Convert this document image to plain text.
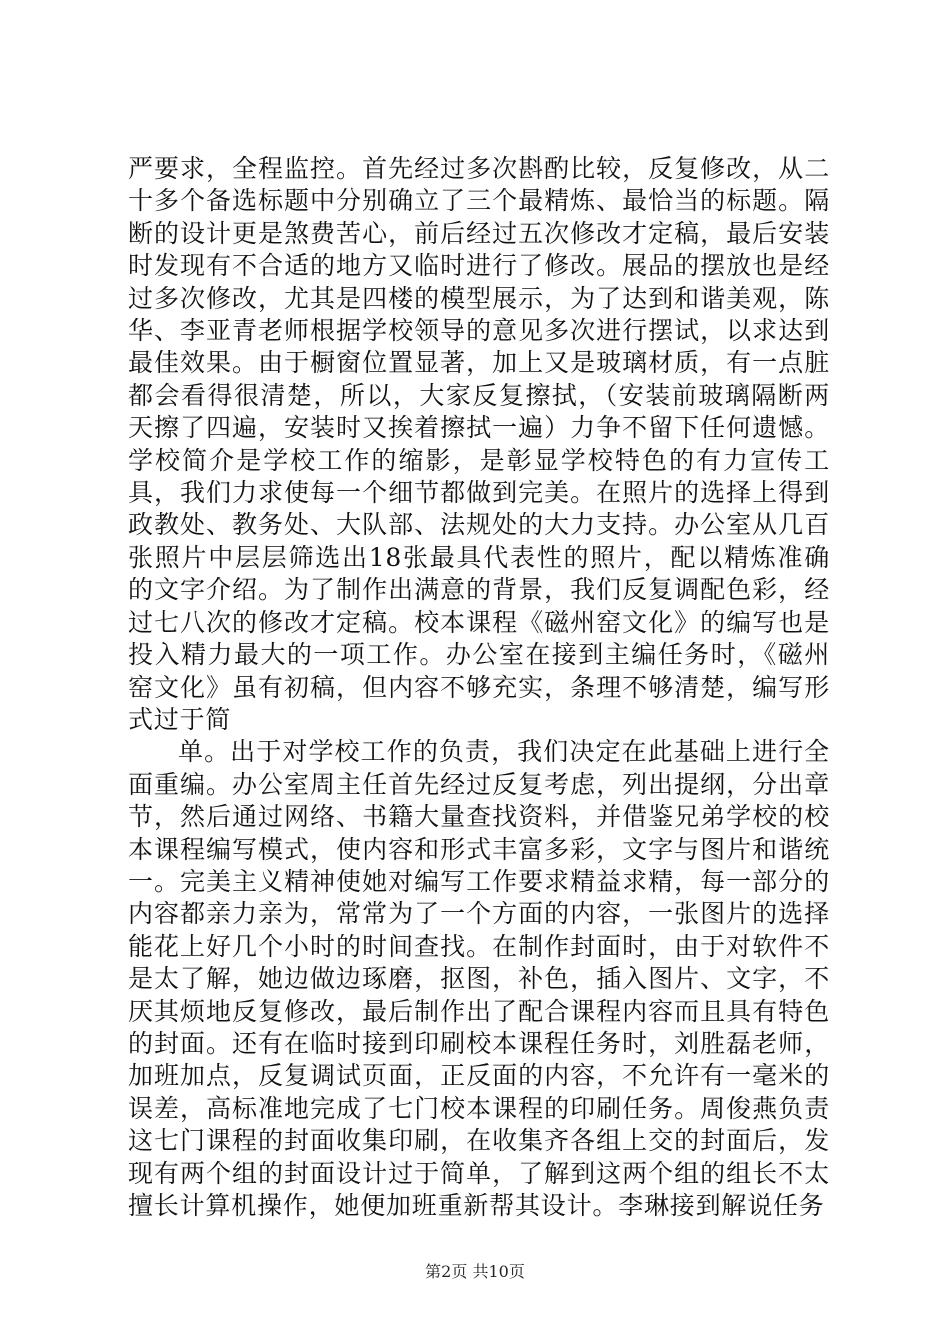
严要求，全程监控。首先经过多次斟酌比较，反复修改，从二十多个备选标题中分别确立了三个最精炼、最恰当的标题。隔断的设计更是煞费苦心，前后经过五次修改才定稿，最后安装时发现有不合适的地方又临时进行了修改。展品的摆放也是经过多次修改，尤其是四楼的模型展示，为了达到和谐美观，陈华、李亚青老师根据学校领导的意见多次进行摆试，以求达到最佳效果。由于橱窗位置显著，加上又是玻璃材质，有一点脏都会看得很清楚，所以，大家反复擦拭，（安装前玻璃隔断两天擦了四遍，安装时又挨着擦拭一遍）力争不留下任何遗憾。学校简介是学校工作的缩影，是彰显学校特色的有力宣传工具，我们力求使每一个细节都做到完美。在照片的选择上得到政教处、教务处、大队部、法规处的大力支持。办公室从几百张照片中层层筛选出18张最具代表性的照片，配以精炼准确的文字介绍。为了制作出满意的背景，我们反复调配色彩，经过七八次的修改才定稿。校本课程《磁州窑文化》的编写也是投入精力最大的一项工作。办公室在接到主编任务时，《磁州窑文化》虽有初稿，但内容不够充实，条理不够清楚，编写形式过于简

单。出于对学校工作的负责，我们决定在此基础上进行全面重编。办公室周主任首先经过反复考虑，列出提纲，分出章节，然后通过网络、书籍大量查找资料，并借鉴兄弟学校的校本课程编写模式，使内容和形式丰富多彩，文字与图片和谐统一。完美主义精神使她对编写工作要求精益求精，每一部分的内容都亲力亲为，常常为了一个方面的内容，一张图片的选择能花上好几个小时的时间查找。在制作封面时，由于对软件不是太了解，她边做边琢磨，抠图，补色，插入图片、文字，不厌其烦地反复修改，最后制作出了配合课程内容而且具有特色的封面。还有在临时接到印刷校本课程任务时，刘胜磊老师，加班加点，反复调试页面，正反面的内容，不允许有一毫米的误差，高标准地完成了七门校本课程的印刷任务。周俊燕负责这七门课程的封面收集印刷，在收集齐各组上交的封面后，发现有两个组的封面设计过于简单，了解到这两个组的组长不太擅长计算机操作，她便加班重新帮其设计。李琳接到解说任务

第2页 共10页
